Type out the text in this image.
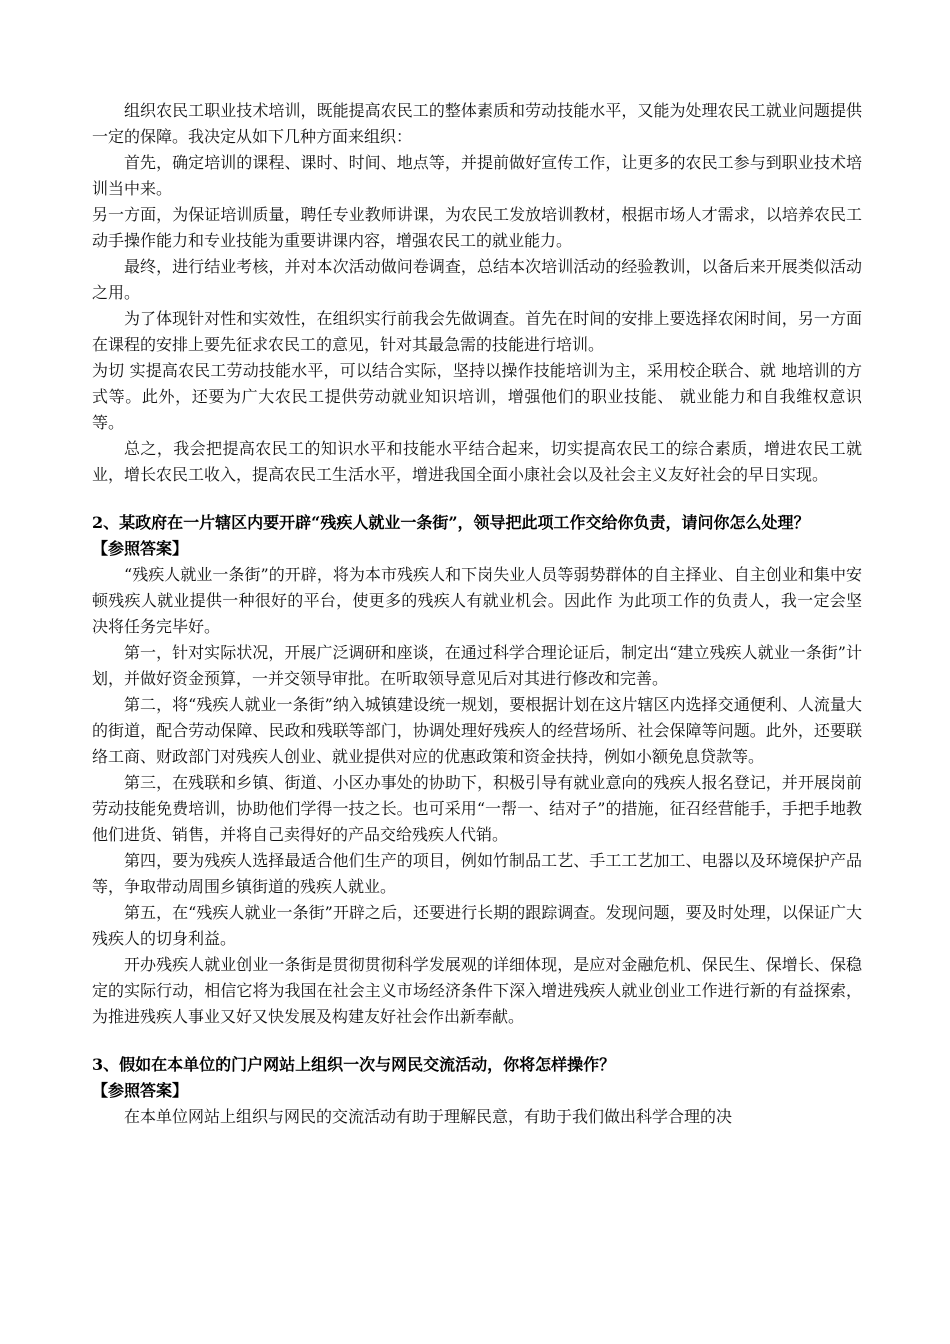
组织农民工职业技术培训，既能提高农民工的整体素质和劳动技能水平，又能为处理农民工就业问题提供一定的保障。我决定从如下几种方面来组织：

首先，确定培训的课程、课时、时间、地点等，并提前做好宣传工作，让更多的农民工参与到职业技术培训当中来。

另一方面，为保证培训质量，聘任专业教师讲课，为农民工发放培训教材，根据市场人才需求，以培养农民工动手操作能力和专业技能为重要讲课内容，增强农民工的就业能力。

最终，进行结业考核，并对本次活动做问卷调查，总结本次培训活动的经验教训，以备后来开展类似活动之用。

为了体现针对性和实效性，在组织实行前我会先做调查。首先在时间的安排上要选择农闲时间，另一方面在课程的安排上要先征求农民工的意见，针对其最急需的技能进行培训。

为切 实提高农民工劳动技能水平，可以结合实际，坚持以操作技能培训为主，采用校企联合、就 地培训的方式等。此外，还要为广大农民工提供劳动就业知识培训，增强他们的职业技能、 就业能力和自我维权意识等。

总之，我会把提高农民工的知识水平和技能水平结合起来，切实提高农民工的综合素质，增进农民工就业，增长农民工收入，提高农民工生活水平，增进我国全面小康社会以及社会主义友好社会的早日实现。

2、某政府在一片辖区内要开辟“残疾人就业一条街”，领导把此项工作交给你负责，请问你怎么处理？

【参照答案】

“残疾人就业一条街”的开辟，将为本市残疾人和下岗失业人员等弱势群体的自主择业、自主创业和集中安顿残疾人就业提供一种很好的平台，使更多的残疾人有就业机会。因此作 为此项工作的负责人，我一定会坚决将任务完毕好。

第一，针对实际状况，开展广泛调研和座谈，在通过科学合理论证后，制定出“建立残疾人就业一条街”计划，并做好资金预算，一并交领导审批。在听取领导意见后对其进行修改和完善。

第二，将“残疾人就业一条街”纳入城镇建设统一规划，要根据计划在这片辖区内选择交通便利、人流量大的街道，配合劳动保障、民政和残联等部门，协调处理好残疾人的经营场所、社会保障等问题。此外，还要联络工商、财政部门对残疾人创业、就业提供对应的优惠政策和资金扶持，例如小额免息贷款等。

第三，在残联和乡镇、街道、小区办事处的协助下，积极引导有就业意向的残疾人报名登记，并开展岗前劳动技能免费培训，协助他们学得一技之长。也可采用“一帮一、结对子”的措施，征召经营能手，手把手地教他们进货、销售，并将自己卖得好的产品交给残疾人代销。

第四，要为残疾人选择最适合他们生产的项目，例如竹制品工艺、手工工艺加工、电器以及环境保护产品等，争取带动周围乡镇街道的残疾人就业。

第五，在“残疾人就业一条街”开辟之后，还要进行长期的跟踪调查。发现问题，要及时处理，以保证广大残疾人的切身利益。

开办残疾人就业创业一条街是贯彻贯彻科学发展观的详细体现，是应对金融危机、保民生、保增长、保稳定的实际行动，相信它将为我国在社会主义市场经济条件下深入增进残疾人就业创业工作进行新的有益探索，为推进残疾人事业又好又快发展及构建友好社会作出新奉献。

3、假如在本单位的门户网站上组织一次与网民交流活动，你将怎样操作？

【参照答案】

在本单位网站上组织与网民的交流活动有助于理解民意，有助于我们做出科学合理的决
